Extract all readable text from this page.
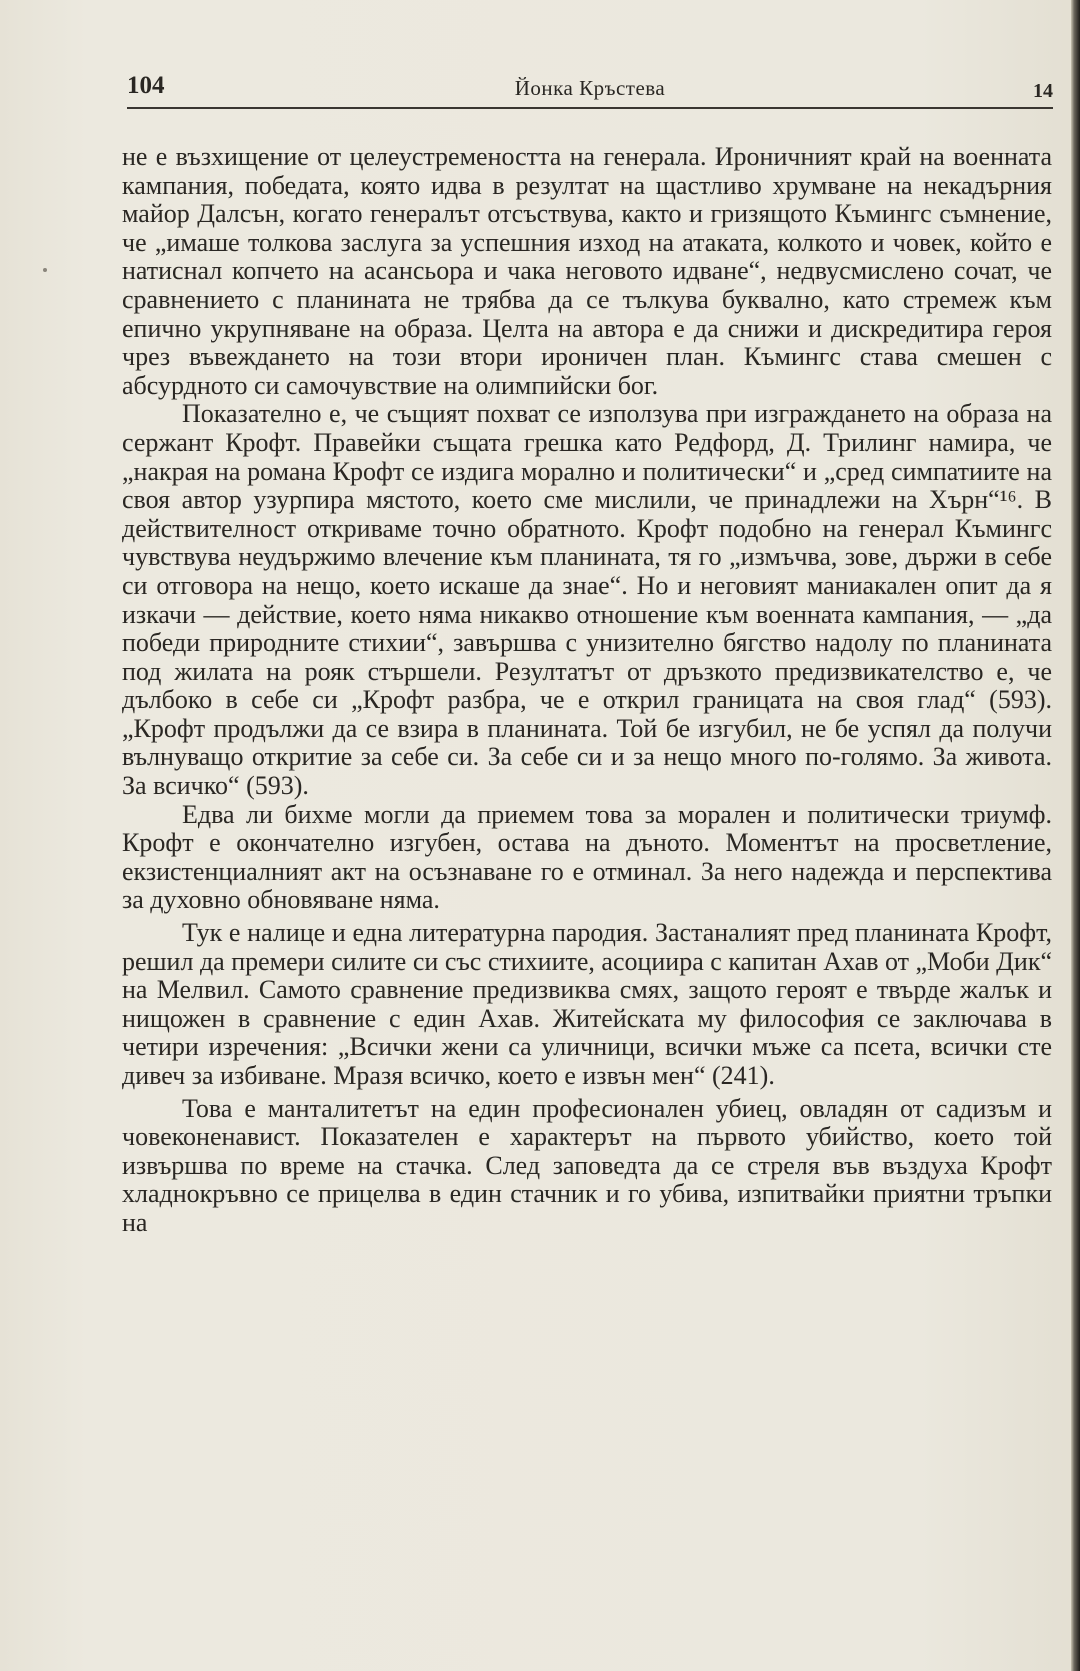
104	Йонка Кръстева	14

не е възхищение от целеустремеността на генерала. Ироничният край на военната кампания, победата, която идва в резултат на щастливо хрумване на некадърния майор Далсън, когато генералът отсъствува, както и гризящото Къмингс съмнение, че „имаше толкова заслуга за успешния изход на атаката, колкото и човек, който е натиснал копчето на асансьора и чака неговото идване“, недвусмислено сочат, че сравнението с планината не трябва да се тълкува буквално, като стремеж към епично укрупняване на образа. Целта на автора е да снижи и дискредитира героя чрез въвеждането на този втори ироничен план. Къмингс става смешен с абсурдното си самочувствие на олимпийски бог.

Показателно е, че същият похват се използува при изграждането на образа на сержант Крофт. Правейки същата грешка като Редфорд, Д. Трилинг намира, че „накрая на романа Крофт се издига морално и политически“ и „сред симпатиите на своя автор узурпира мястото, което сме мислили, че принадлежи на Хърн“¹⁶. В действителност откриваме точно обратното. Крофт подобно на генерал Къмингс чувствува неудържимо влечение към планината, тя го „измъчва, зове, държи в себе си отговора на нещо, което искаше да знае“. Но и неговият маниакален опит да я изкачи — действие, което няма никакво отношение към военната кампания, — „да победи природните стихии“, завършва с унизително бягство надолу по планината под жилата на рояк стършели. Резултатът от дръзкото предизвикателство е, че дълбоко в себе си „Крофт разбра, че е открил границата на своя глад“ (593). „Крофт продължи да се взира в планината. Той бе изгубил, не бе успял да получи вълнуващо откритие за себе си. За себе си и за нещо много по-голямо. За живота. За всичко“ (593).

Едва ли бихме могли да приемем това за морален и политически триумф. Крофт е окончателно изгубен, остава на дъното. Моментът на просветление, екзистенциалният акт на осъзнаване го е отминал. За него надежда и перспектива за духовно обновяване няма.

Тук е налице и една литературна пародия. Застаналият пред планината Крофт, решил да премери силите си със стихиите, асоциира с капитан Ахав от „Моби Дик“ на Мелвил. Самото сравнение предизвиква смях, защото героят е твърде жалък и нищожен в сравнение с един Ахав. Житейската му философия се заключава в четири изречения: „Всички жени са уличници, всички мъже са псета, всички сте дивеч за избиване. Мразя всичко, което е извън мен“ (241).

Това е манталитетът на един професионален убиец, овладян от садизъм и човеконенавист. Показателен е характерът на първото убийство, което той извършва по време на стачка. След заповедта да се стреля във въздуха Крофт хладнокръвно се прицелва в един стачник и го убива, изпитвайки приятни тръпки на
